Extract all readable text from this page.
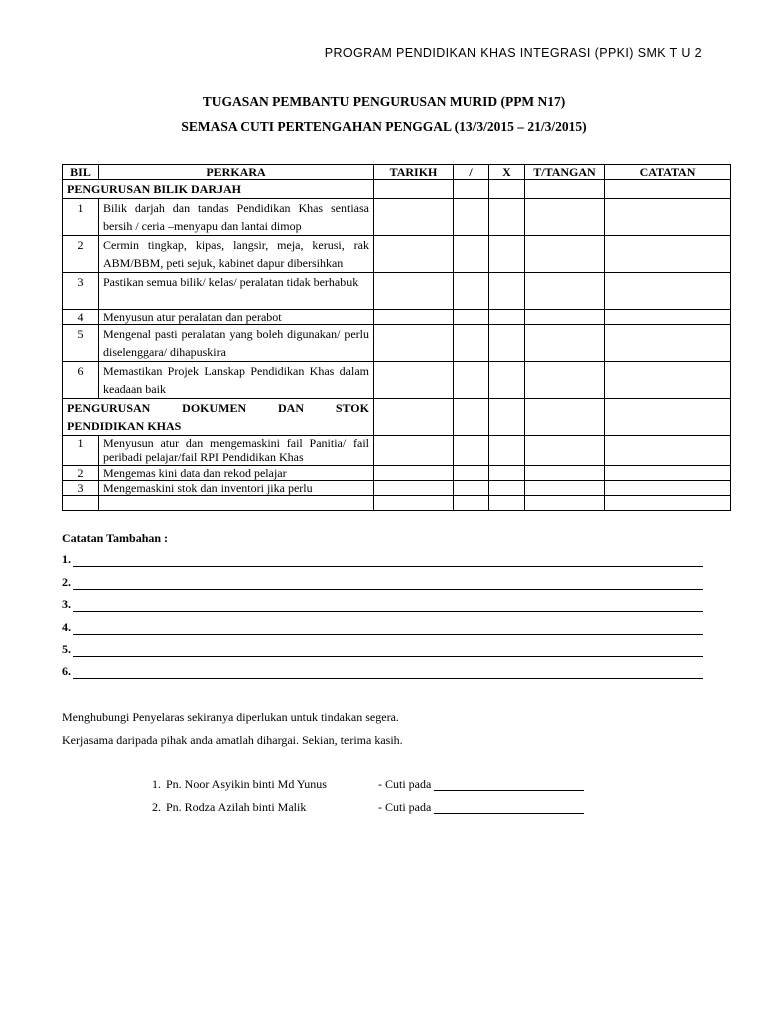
PROGRAM PENDIDIKAN KHAS INTEGRASI (PPKI) SMK T U 2
TUGASAN PEMBANTU PENGURUSAN MURID (PPM N17)
SEMASA CUTI PERTENGAHAN PENGGAL (13/3/2015 – 21/3/2015)
BIL	PERKARA	TARIKH	/	X	T/TANGAN	CATATAN
PENGURUSAN BILIK DARJAH						
1	Bilik darjah dan tandas Pendidikan Khas sentiasa bersih / ceria –menyapu dan lantai dimop					
2	Cermin tingkap, kipas, langsir, meja, kerusi, rak ABM/BBM, peti sejuk, kabinet dapur dibersihkan					
3	Pastikan semua bilik/ kelas/ peralatan tidak berhabuk					
4	Menyusun atur peralatan dan perabot					
5	Mengenal pasti peralatan yang boleh digunakan/ perlu diselenggara/ dihapuskira					
6	Memastikan Projek Lanskap Pendidikan Khas dalam keadaan baik					

PENGURUSAN DOKUMEN DAN STOK
PENDIDIKAN KHAS						

1	Menyusun atur dan mengemaskini fail Panitia/ fail peribadi pelajar/fail RPI Pendidikan Khas					
2	Mengemas kini data dan rekod pelajar					
3	Mengemaskini stok dan inventori jika perlu					

Catatan Tambahan :
1.
2.
3.
4.
5.
6.
Menghubungi Penyelaras sekiranya diperlukan untuk tindakan segera.
Kerjasama daripada pihak anda amatlah dihargai. Sekian, terima kasih.
1. Pn. Noor Asyikin binti Md Yunus	- Cuti pada
2. Pn. Rodza Azilah binti Malik	- Cuti pada
